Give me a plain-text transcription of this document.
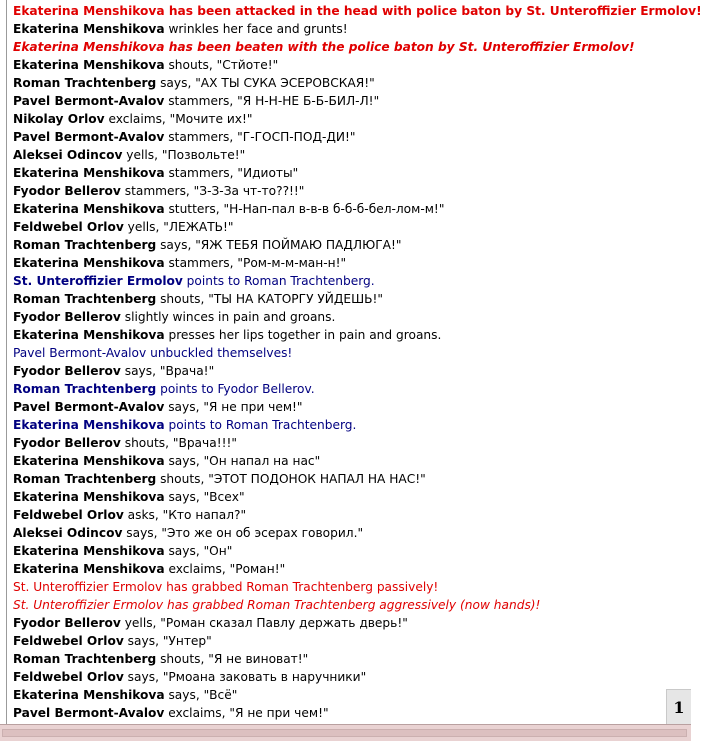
Ekaterina Menshikova has been attacked in the head with police baton by St. Unteroffizier Ermolov!
Ekaterina Menshikova wrinkles her face and grunts!
Ekaterina Menshikova has been beaten with the police baton by St. Unteroffizier Ermolov!
Ekaterina Menshikova shouts, "Стйоте!"
Roman Trachtenberg says, "АХ ТЫ СУКА ЭСЕРОВСКАЯ!"
Pavel Bermont-Avalov stammers, "Я Н-Н-НЕ Б-Б-БИЛ-Л!"
Nikolay Orlov exclaims, "Мочите их!"
Pavel Bermont-Avalov stammers, "Г-ГОСП-ПОД-ДИ!"
Aleksei Odincov yells, "Позвольте!"
Ekaterina Menshikova stammers, "Идиоты"
Fyodor Bellerov stammers, "З-З-За чт-то??!!"
Ekaterina Menshikova stutters, "Н-Нап-пал в-в-в б-б-б-бел-лом-м!"
Feldwebel Orlov yells, "ЛЕЖАТЬ!"
Roman Trachtenberg says, "ЯЖ ТЕБЯ ПОЙМАЮ ПАДЛЮГА!"
Ekaterina Menshikova stammers, "Ром-м-м-ман-н!"
St. Unteroffizier Ermolov points to Roman Trachtenberg.
Roman Trachtenberg shouts, "ТЫ НА КАТОРГУ УЙДЕШЬ!"
Fyodor Bellerov slightly winces in pain and groans.
Ekaterina Menshikova presses her lips together in pain and groans.
Pavel Bermont-Avalov unbuckled themselves!
Fyodor Bellerov says, "Врача!"
Roman Trachtenberg points to Fyodor Bellerov.
Pavel Bermont-Avalov says, "Я не при чем!"
Ekaterina Menshikova points to Roman Trachtenberg.
Fyodor Bellerov shouts, "Врача!!!"
Ekaterina Menshikova says, "Он напал на нас"
Roman Trachtenberg shouts, "ЭТОТ ПОДОНОК НАПАЛ НА НАС!"
Ekaterina Menshikova says, "Всех"
Feldwebel Orlov asks, "Кто напал?"
Aleksei Odincov says, "Это же он об эсерах говорил."
Ekaterina Menshikova says, "Он"
Ekaterina Menshikova exclaims, "Роман!"
St. Unteroffizier Ermolov has grabbed Roman Trachtenberg passively!
St. Unteroffizier Ermolov has grabbed Roman Trachtenberg aggressively (now hands)!
Fyodor Bellerov yells, "Роман сказал Павлу держать дверь!"
Feldwebel Orlov says, "Унтер"
Roman Trachtenberg shouts, "Я не виноват!"
Feldwebel Orlov says, "Рмоана заковать в наручники"
Ekaterina Menshikova says, "Всё"
Pavel Bermont-Avalov exclaims, "Я не при чем!"	1
